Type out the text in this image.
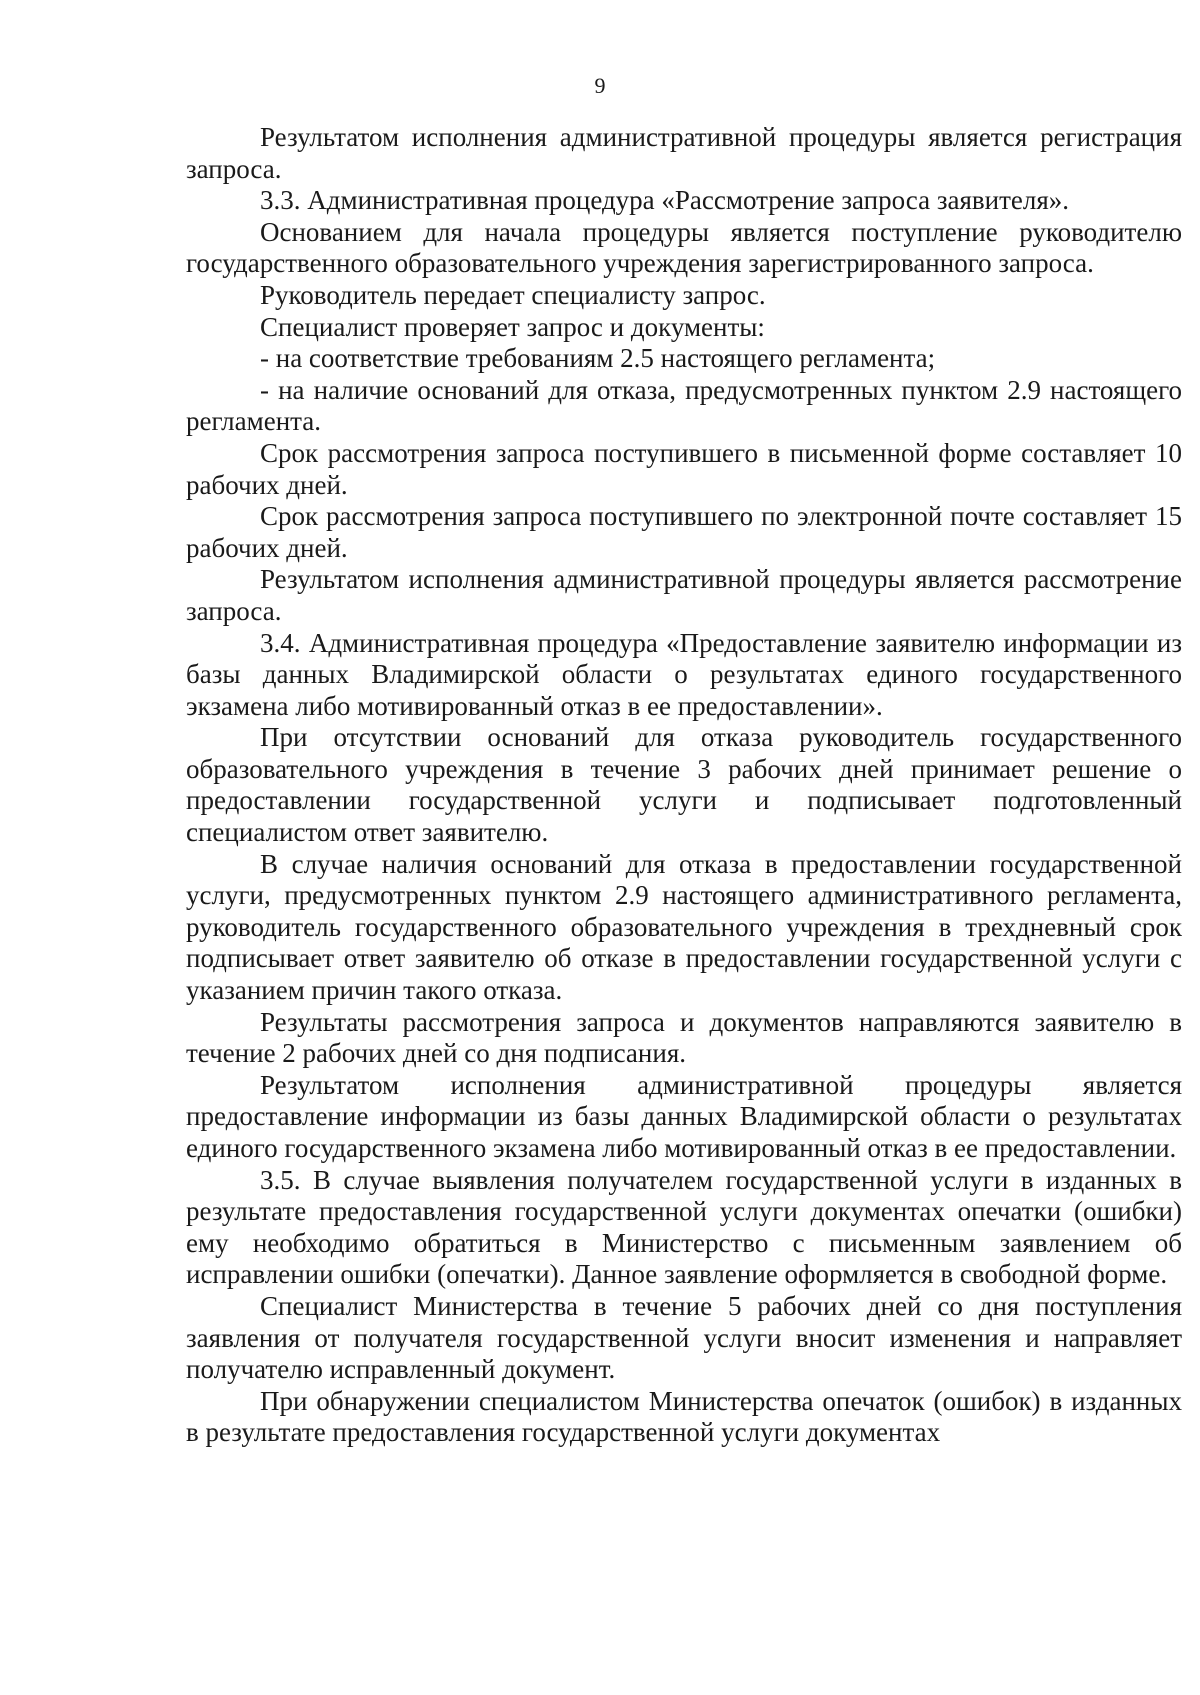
9

Результатом исполнения административной процедуры является регистрация запроса.

3.3. Административная процедура «Рассмотрение запроса заявителя».

Основанием для начала процедуры является поступление руководителю государственного образовательного учреждения зарегистрированного запроса.

Руководитель передает специалисту запрос.

Специалист проверяет запрос и документы:

- на соответствие требованиям 2.5 настоящего регламента;

- на наличие оснований для отказа, предусмотренных пунктом 2.9 настоящего регламента.

Срок рассмотрения запроса поступившего в письменной форме составляет 10 рабочих дней.

Срок рассмотрения запроса поступившего по электронной почте составляет 15 рабочих дней.

Результатом исполнения административной процедуры является рассмотрение запроса.

3.4. Административная процедура «Предоставление заявителю информации из базы данных Владимирской области о результатах единого государственного экзамена либо мотивированный отказ в ее предоставлении».

При отсутствии оснований для отказа руководитель государственного образовательного учреждения в течение 3 рабочих дней принимает решение о предоставлении государственной услуги и подписывает подготовленный специалистом ответ заявителю.

В случае наличия оснований для отказа в предоставлении государственной услуги, предусмотренных пунктом 2.9 настоящего административного регламента, руководитель государственного образовательного учреждения в трехдневный срок подписывает ответ заявителю об отказе в предоставлении государственной услуги с указанием причин такого отказа.

Результаты рассмотрения запроса и документов направляются заявителю в течение 2 рабочих дней со дня подписания.

Результатом исполнения административной процедуры является предоставление информации из базы данных Владимирской области о результатах единого государственного экзамена либо мотивированный отказ в ее предоставлении.

3.5. В случае выявления получателем государственной услуги в изданных в результате предоставления государственной услуги документах опечатки (ошибки) ему необходимо обратиться в Министерство с письменным заявлением об исправлении ошибки (опечатки). Данное заявление оформляется в свободной форме.

Специалист Министерства в течение 5 рабочих дней со дня поступления заявления от получателя государственной услуги вносит изменения и направляет получателю исправленный документ.

При обнаружении специалистом Министерства опечаток (ошибок) в изданных в результате предоставления государственной услуги документах
